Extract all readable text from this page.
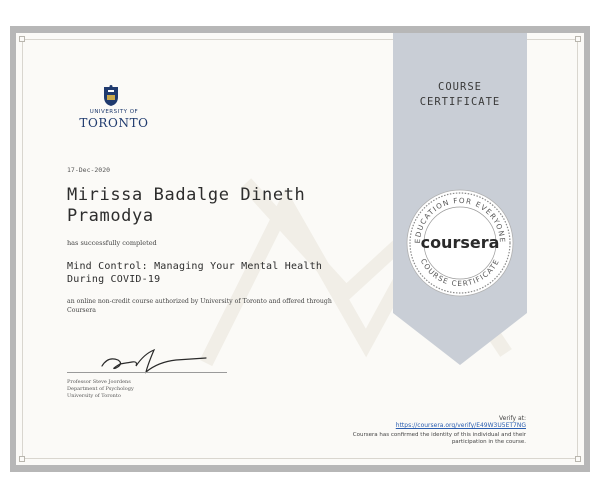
COURSE
CERTIFICATE
EDUCATION FOR EVERYONE
COURSE CERTIFICATE
coursera
UNIVERSITY OF
TORONTO
17-Dec-2020
Mirissa Badalge Dineth
Pramodya
has successfully completed
Mind Control: Managing Your Mental Health
During COVID-19
an online non-credit course authorized by University of Toronto and offered through
Coursera
Professor Steve Joordens
Department of Psychology
University of Toronto
Verify at:
https://coursera.org/verify/E49W3U5ET7NG
Coursera has confirmed the identity of this individual and their
participation in the course.
